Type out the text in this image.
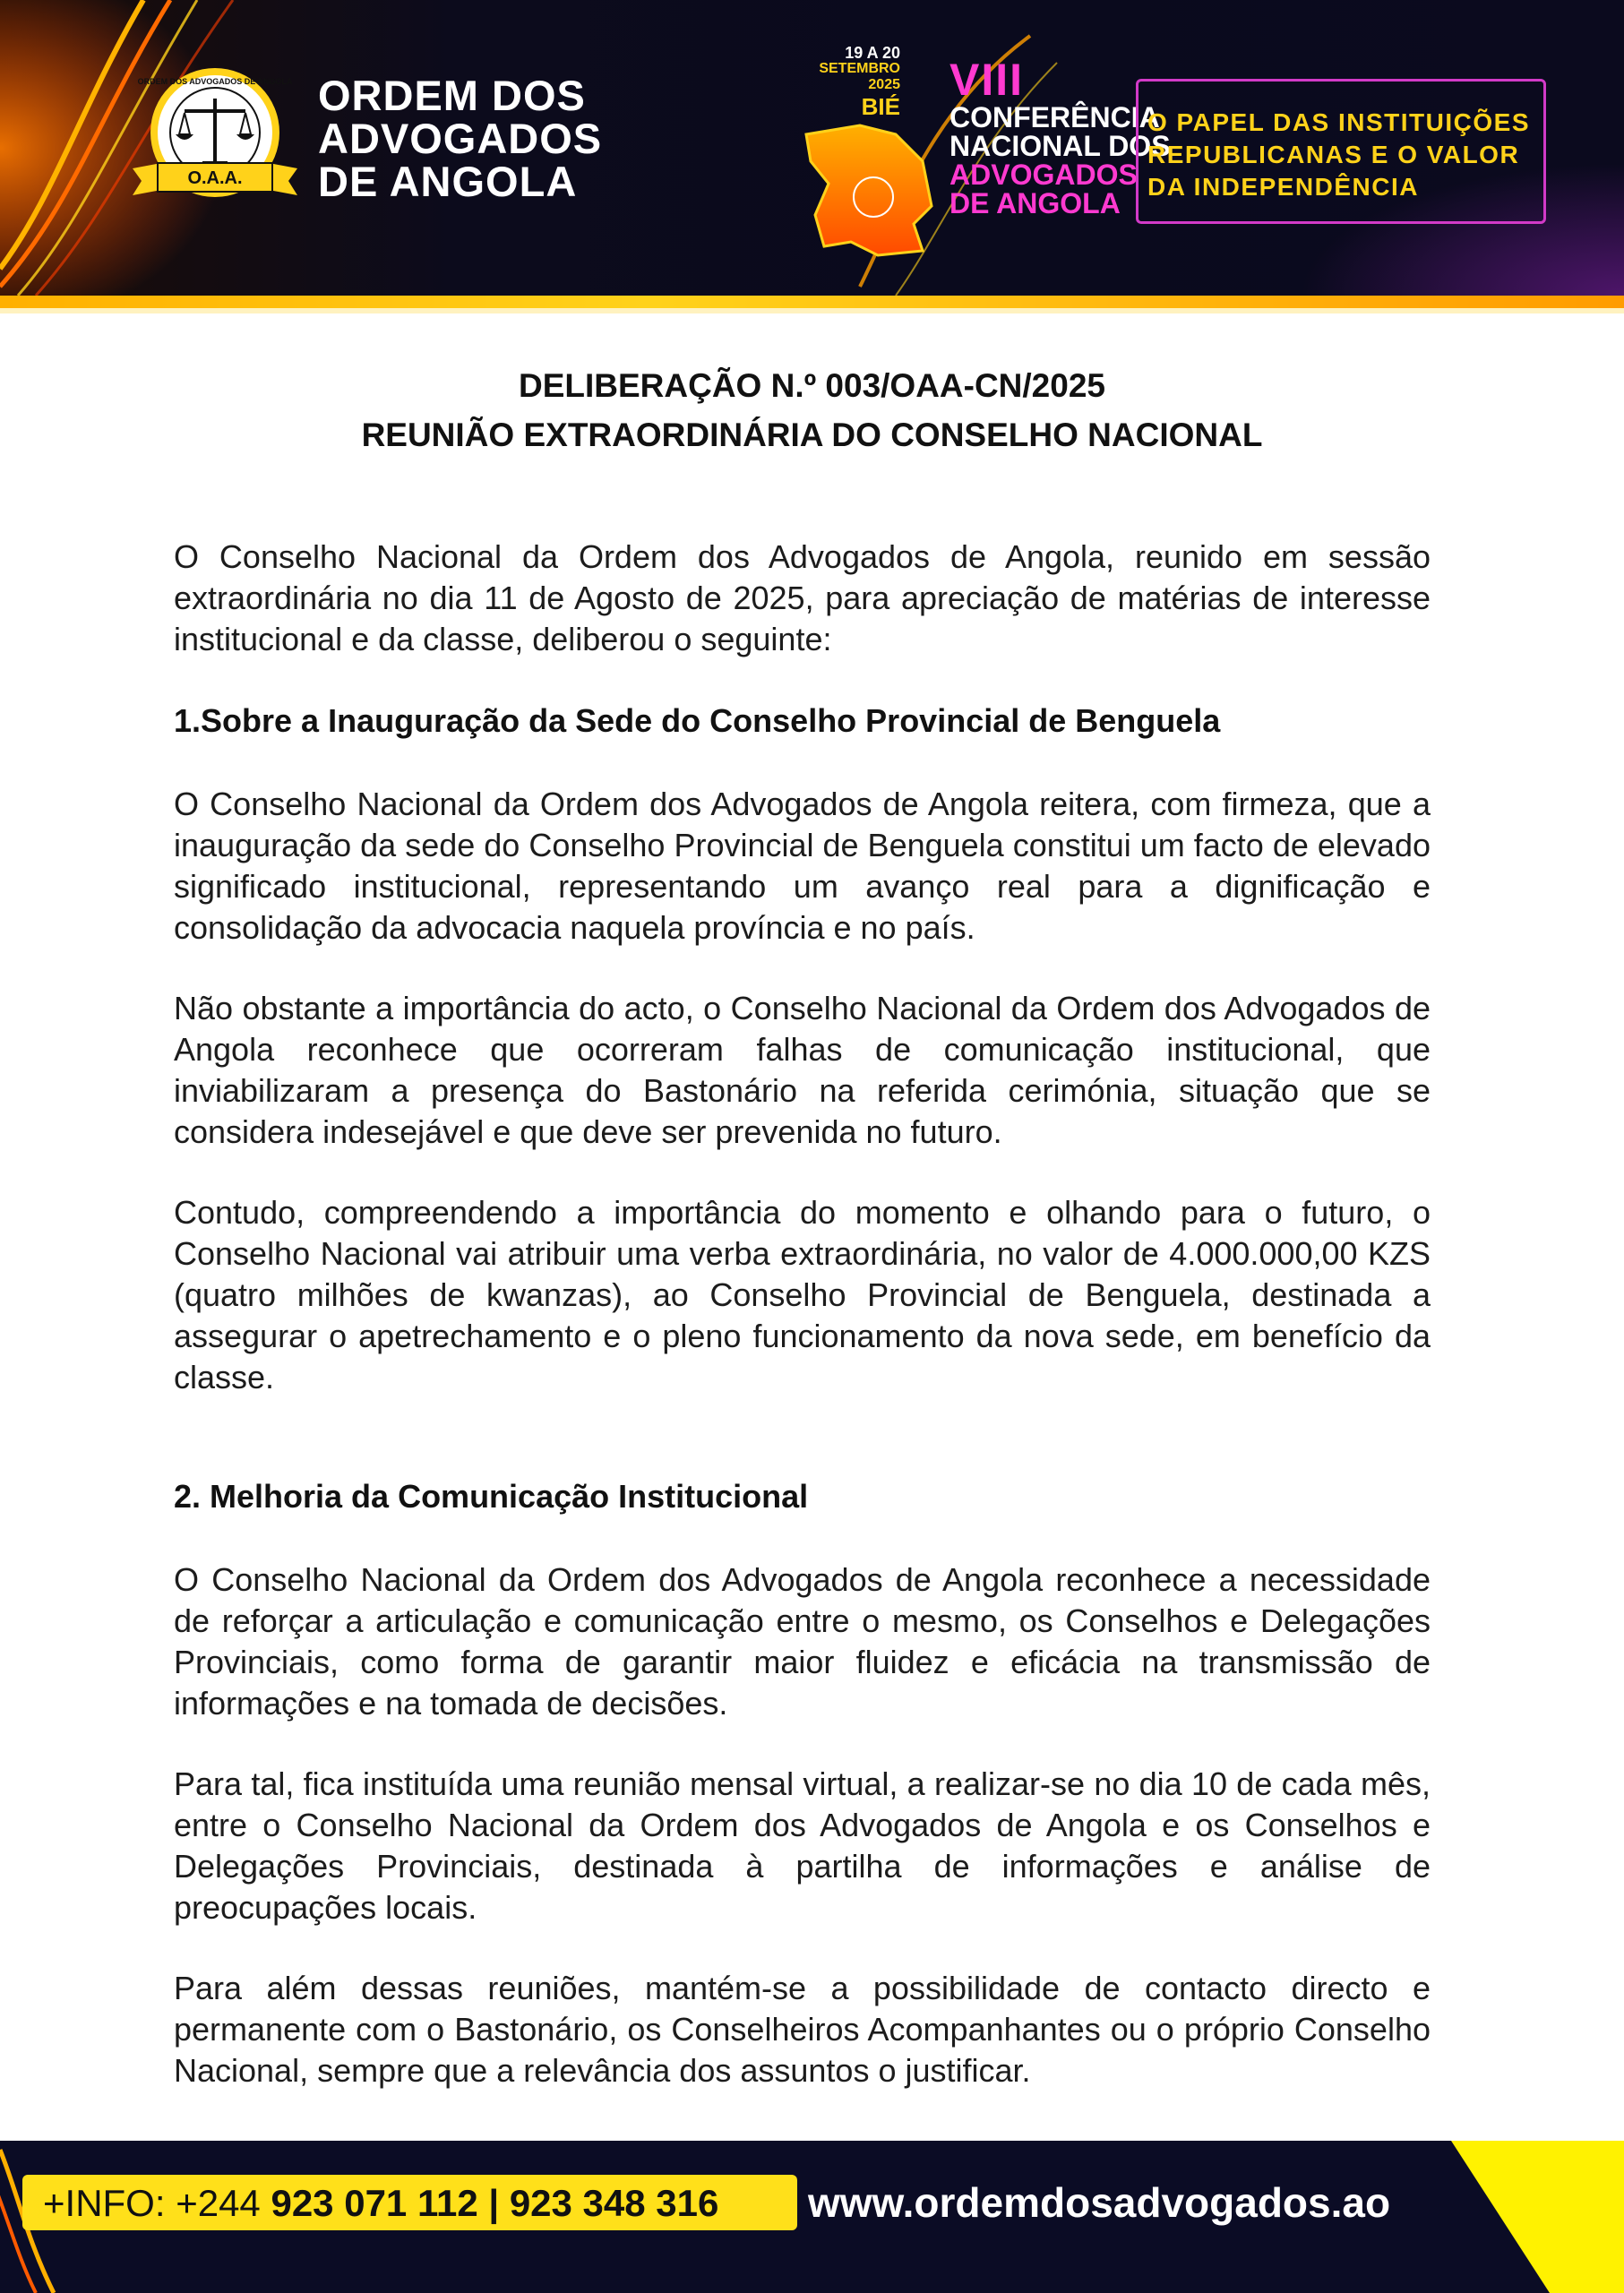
ORDEM DOS ADVOGADOS DE ANGOLA
O.A.A.
ORDEM DOS
ADVOGADOS
DE ANGOLA
19 A 20
SETEMBRO
2025
BIÉ
VIII
CONFERÊNCIA
NACIONAL DOS
ADVOGADOS
DE ANGOLA
O PAPEL DAS INSTITUIÇÕES
REPUBLICANAS E O VALOR
DA INDEPENDÊNCIA
DELIBERAÇÃO N.º 003/OAA-CN/2025
REUNIÃO EXTRAORDINÁRIA DO CONSELHO NACIONAL
O Conselho Nacional da Ordem dos Advogados de Angola, reunido em sessão extraordinária no dia 11 de Agosto de 2025, para apreciação de matérias de interesse institucional e da classe, deliberou o seguinte:
1.Sobre a Inauguração da Sede do Conselho Provincial de Benguela
O Conselho Nacional da Ordem dos Advogados de Angola reitera, com firmeza, que a inauguração da sede do Conselho Provincial de Benguela constitui um facto de elevado significado institucional, representando um avanço real para a dignificação e consolidação da advocacia naquela província e no país.
Não obstante a importância do acto, o Conselho Nacional da Ordem dos Advogados de Angola reconhece que ocorreram falhas de comunicação institucional, que inviabilizaram a presença do Bastonário na referida cerimónia, situação que se considera indesejável e que deve ser prevenida no futuro.
Contudo, compreendendo a importância do momento e olhando para o futuro, o Conselho Nacional vai atribuir uma verba extraordinária, no valor de 4.000.000,00 KZS (quatro milhões de kwanzas), ao Conselho Provincial de Benguela, destinada a assegurar o apetrechamento e o pleno funcionamento da nova sede, em benefício da classe.
2. Melhoria da Comunicação Institucional
O Conselho Nacional da Ordem dos Advogados de Angola reconhece a necessidade de reforçar a articulação e comunicação entre o mesmo, os Conselhos e Delegações Provinciais, como forma de garantir maior fluidez e eficácia na transmissão de informações e na tomada de decisões.
Para tal, fica instituída uma reunião mensal virtual, a realizar-se no dia 10 de cada mês, entre o Conselho Nacional da Ordem dos Advogados de Angola e os Conselhos e Delegações Provinciais, destinada à partilha de informações e análise de preocupações locais.
Para além dessas reuniões, mantém-se a possibilidade de contacto directo e permanente com o Bastonário, os Conselheiros Acompanhantes ou o próprio Conselho Nacional, sempre que a relevância dos assuntos o justificar.
+INFO: +244 923 071 112 | 923 348 316 www.ordemdosadvogados.ao
